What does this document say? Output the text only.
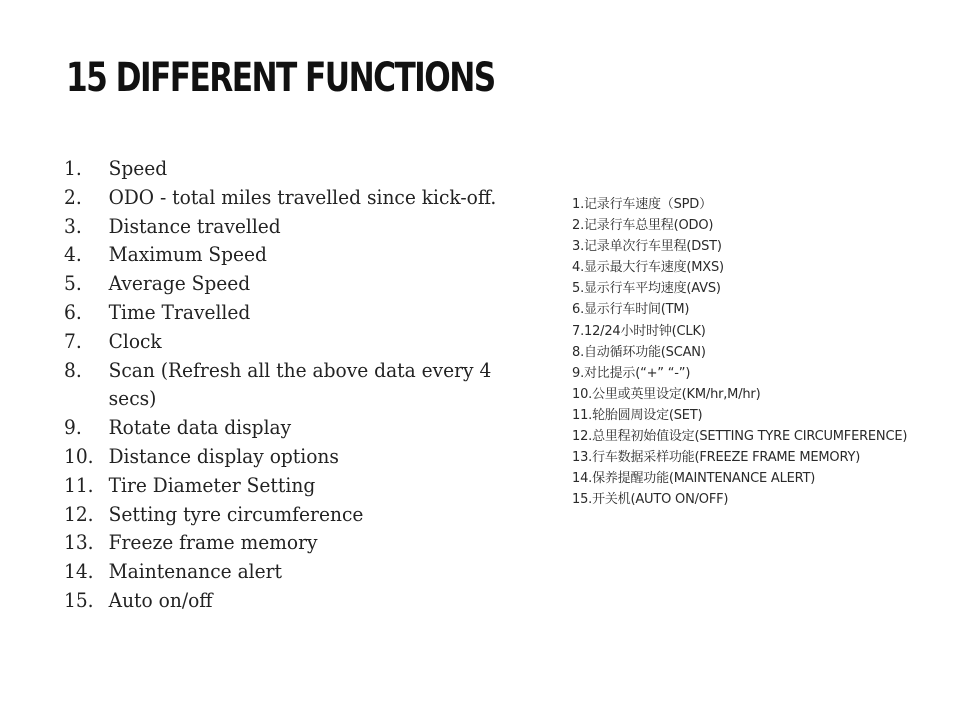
15 DIFFERENT FUNCTIONS
1.	Speed
2.	ODO - total miles travelled since kick-off.
3.	Distance travelled
4.	Maximum Speed
5.	Average Speed
6.	Time Travelled
7.	Clock
8.	Scan (Refresh all the above data every 4 secs)
9.	Rotate data display
10. Distance display options
11. Tire Diameter Setting
12. Setting tyre circumference
13. Freeze frame memory
14. Maintenance alert
15. Auto on/off
1.记录行车速度（SPD）
2.记录行车总里程(ODO)
3.记录单次行车里程(DST)
4.显示最大行车速度(MXS)
5.显示行车平均速度(AVS)
6.显示行车时间(TM)
7.12/24小时时钟(CLK)
8.自动循环功能(SCAN)
9.对比提示(“+” “-”)
10.公里或英里设定(KM/hr,M/hr)
11.轮胎圆周设定(SET)
12.总里程初始值设定(SETTING TYRE CIRCUMFERENCE)
13.行车数据采样功能(FREEZE FRAME MEMORY)
14.保养提醒功能(MAINTENANCE ALERT)
15.开关机(AUTO ON/OFF)
